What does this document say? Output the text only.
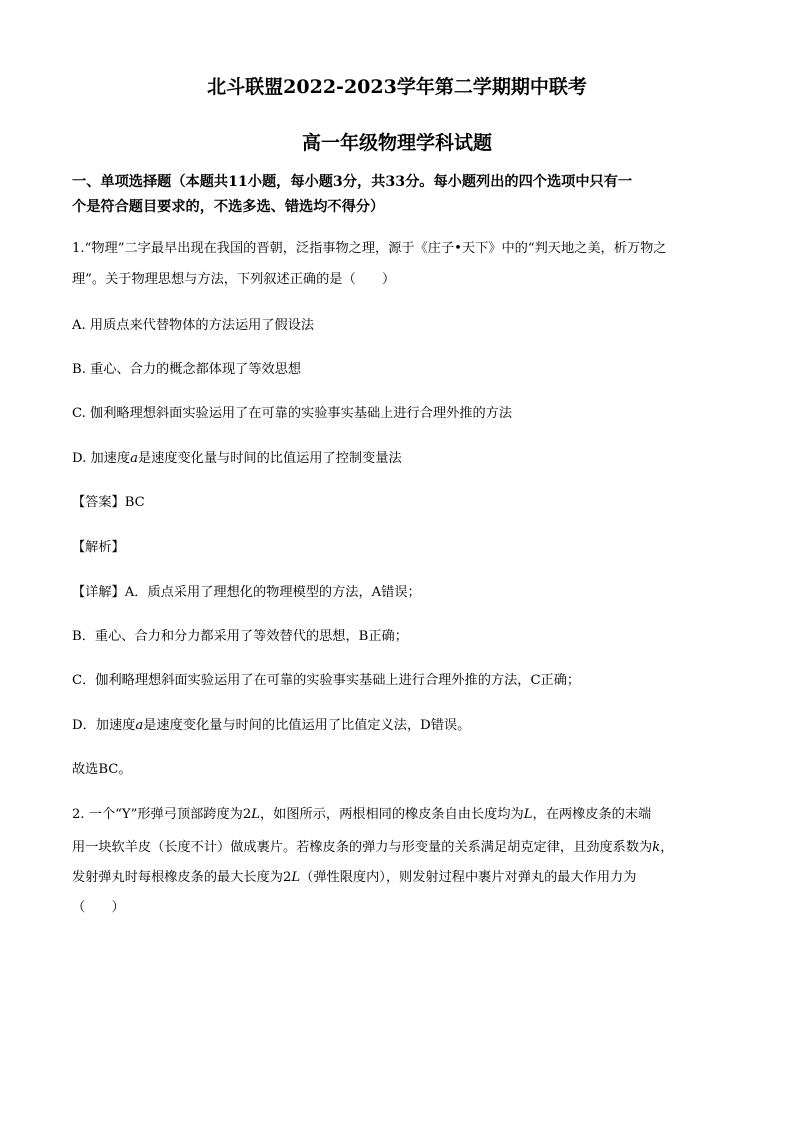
北斗联盟2022-2023学年第二学期期中联考
高一年级物理学科试题
一、单项选择题（本题共11小题，每小题3分，共33分。每小题列出的四个选项中只有一
个是符合题目要求的，不选多选、错选均不得分）
1.“物理”二字最早出现在我国的晋朝，泛指事物之理，源于《庄子•天下》中的“判天地之美，析万物之
理”。关于物理思想与方法，下列叙述正确的是（　　）
A. 用质点来代替物体的方法运用了假设法
B. 重心、合力的概念都体现了等效思想
C. 伽利略理想斜面实验运用了在可靠的实验事实基础上进行合理外推的方法
D. 加速度a是速度变化量与时间的比值运用了控制变量法
【答案】BC
【解析】
【详解】A．质点采用了理想化的物理模型的方法，A错误；
B．重心、合力和分力都采用了等效替代的思想，B正确；
C．伽利略理想斜面实验运用了在可靠的实验事实基础上进行合理外推的方法，C正确；
D．加速度a是速度变化量与时间的比值运用了比值定义法，D错误。
故选BC。
2. 一个“Y”形弹弓顶部跨度为2L，如图所示，两根相同的橡皮条自由长度均为L，在两橡皮条的末端
用一块软羊皮（长度不计）做成裹片。若橡皮条的弹力与形变量的关系满足胡克定律，且劲度系数为k，
发射弹丸时每根橡皮条的最大长度为2L（弹性限度内），则发射过程中裹片对弹丸的最大作用力为
（　　）
